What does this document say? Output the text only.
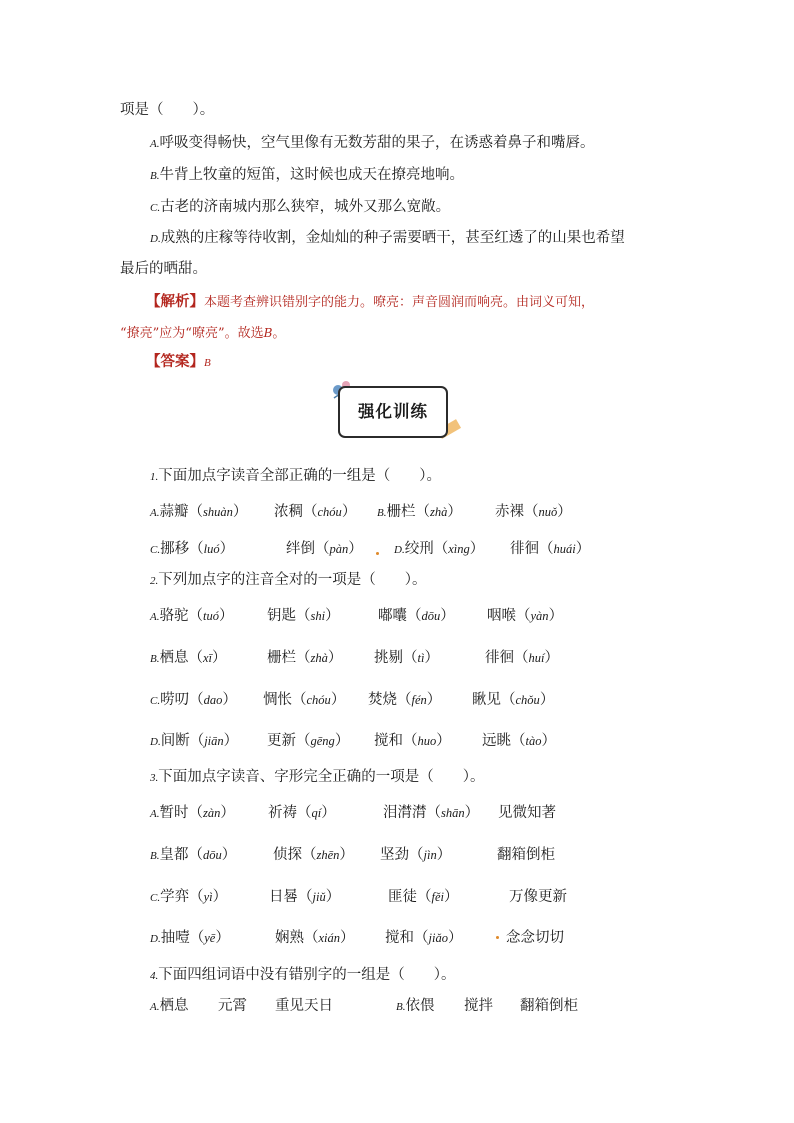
项是（　　）。
A.呼吸变得畅快，空气里像有无数芳甜的果子，在诱惑着鼻子和嘴唇。
B.牛背上牧童的短笛，这时候也成天在撩亮地响。
C.古老的济南城内那么狭窄，城外又那么宽敞。
D.成熟的庄稼等待收割，金灿灿的种子需要晒干，甚至红透了的山果也希望
最后的晒甜。
【解析】本题考查辨识错别字的能力。嘹亮：声音圆润而响亮。由词义可知，
“撩亮”应为“嘹亮”。故选B。
【答案】B
强化训练
1.下面加点字读音全部正确的一组是（　　）。
A.蒜瓣（shuàn） 浓稠（chóu） B.栅栏（zhà） 赤裸（nuǒ）
C.挪移（luó）	绊倒（pàn）	D.绞刑（xìng） 徘徊（huái）
2.下列加点字的注音全对的一项是（　　）。
A.骆驼（tuó） 钥匙（shi）	嘟囔（dōu） 咽喉（yàn）
B.栖息（xī）	栅栏（zhà） 挑剔（tì）	徘徊（huí）
C.唠叨（dao） 惆怅（chóu） 焚烧（fén） 瞅见（chǒu）
D.间断（jiān） 更新（gēng） 搅和（huo） 远眺（tào）
3.下面加点字读音、字形完全正确的一项是（　　）。
A.暂时（zàn） 祈祷（qí）	泪潸潸（shān） 见微知著
B.皇都（dōu）	侦探（zhēn） 坚劲（jìn）	翻箱倒柜
C.学弈（yì）	日晷（jiǔ）	匪徒（fěi）	万像更新
D.抽噎（yē）	娴熟（xián） 搅和（jiǎo）	念念切切
4.下面四组词语中没有错别字的一组是（　　）。
A.栖息 元霄 重见天日	B.依偎 搅拌 翻箱倒柜
